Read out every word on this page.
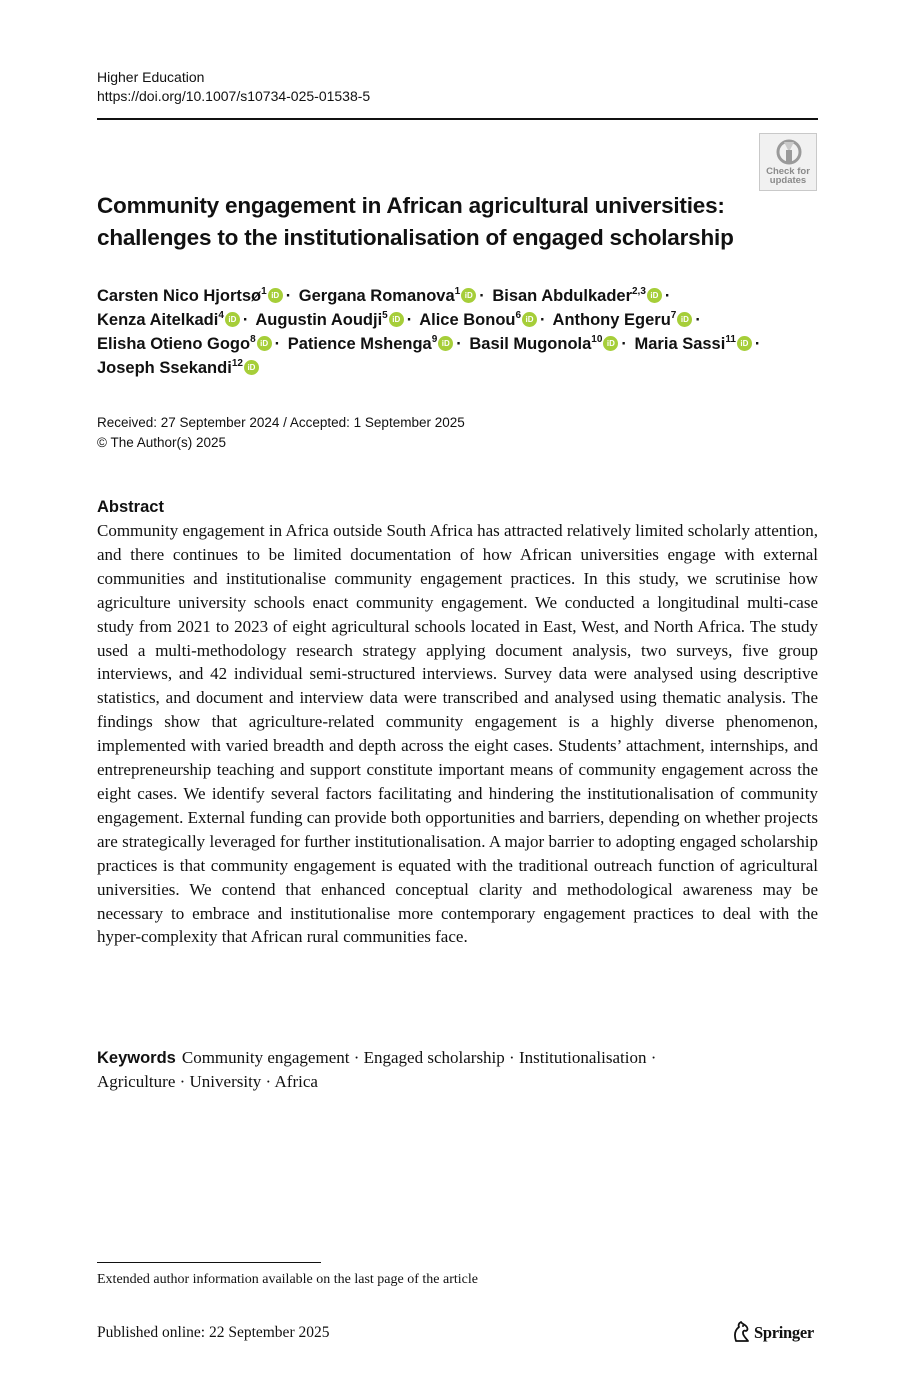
Higher Education
https://doi.org/10.1007/s10734-025-01538-5
Check for
updates
Community engagement in African agricultural universities:
challenges to the institutionalisation of engaged scholarship
Carsten Nico Hjortsø$^1$ iD · Gergana Romanova$^1$ iD · Bisan Abdulkader$^{2,3}$ iD ·
Kenza Aitelkadi$^4$ iD · Augustin Aoudji$^5$ iD · Alice Bonou$^6$ iD · Anthony Egeru$^7$ iD ·
Elisha Otieno Gogo$^8$ iD · Patience Mshenga$^9$ iD · Basil Mugonola$^{10}$ iD · Maria Sassi$^{11}$ iD ·
Joseph Ssekandi$^{12}$iD
Received: 27 September 2024 / Accepted: 1 September 2025
© The Author(s) 2025
Abstract
Community engagement in Africa outside South Africa has attracted relatively limited scholarly attention, and there continues to be limited documentation of how African universities engage with external communities and institutionalise community engagement practices. In this study, we scrutinise how agriculture university schools enact community engagement. We conducted a longitudinal multi-case study from 2021 to 2023 of eight agricultural schools located in East, West, and North Africa. The study used a multi-methodology research strategy applying document analysis, two surveys, five group interviews, and 42 individual semi-structured interviews. Survey data were analysed using descriptive statistics, and document and interview data were transcribed and analysed using thematic analysis. The findings show that agriculture-related community engagement is a highly diverse phenomenon, implemented with varied breadth and depth across the eight cases. Students’ attachment, internships, and entrepreneurship teaching and support constitute important means of community engagement across the eight cases. We identify several factors facilitating and hindering the institutionalisation of community engagement. External funding can provide both opportunities and barriers, depending on whether projects are strategically leveraged for further institutionalisation. A major barrier to adopting engaged scholarship practices is that community engagement is equated with the traditional outreach function of agricultural universities. We contend that enhanced conceptual clarity and methodological awareness may be necessary to embrace and institutionalise more contemporary engagement practices to deal with the hyper-complexity that African rural communities face.
Keywords Community engagement · Engaged scholarship · Institutionalisation ·
Agriculture · University · Africa
Extended author information available on the last page of the article
Published online: 22 September 2025	Springer
